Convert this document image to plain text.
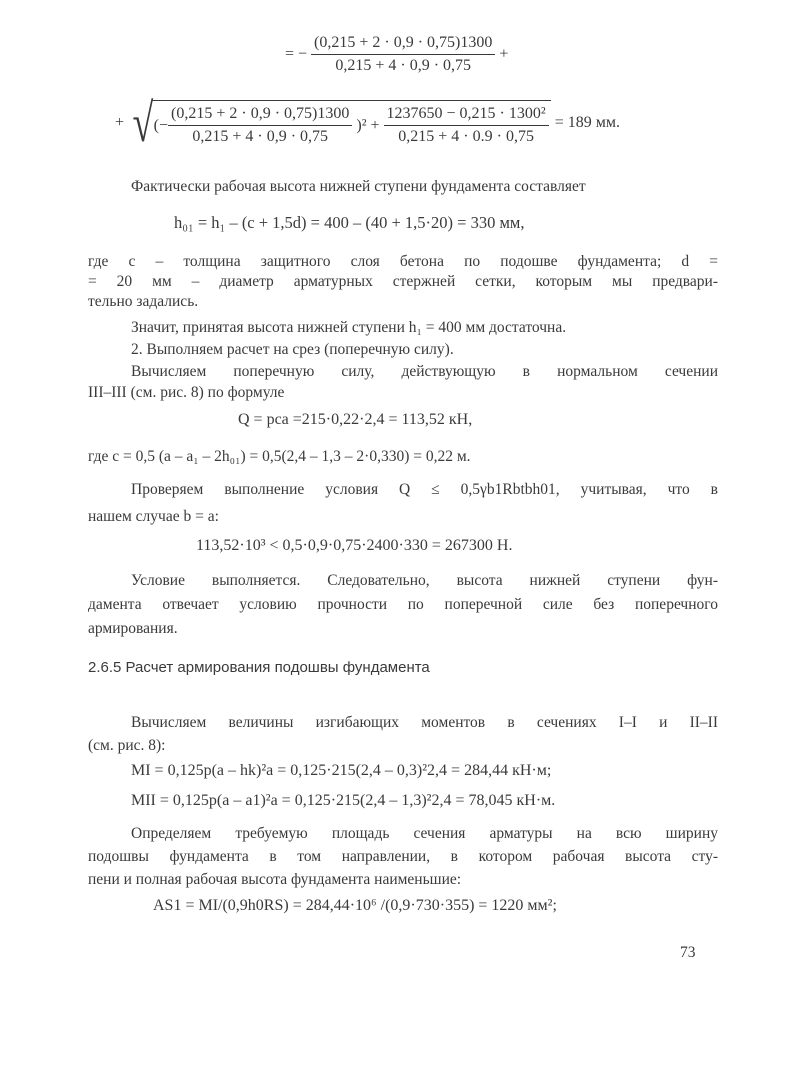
= − $\frac{(0,215 + 2 \cdot 0,9 \cdot 0,75)1300}{0,215 + 4 \cdot 0,9 \cdot 0,75}$ +
+ √ (− $\frac{(0,215 + 2 \cdot 0,9 \cdot 0,75)1300}{0,215 + 4 \cdot 0,9 \cdot 0,75} )^2 + \frac{\text{1237650 − 0,215 · 1300²}}{0,215 + 4 \cdot 0.9 \cdot 0,75} = 189$ мм.
Фактически рабочая высота нижней ступени фундамента составляет
h₀₁ = h₁ – (c + 1,5d) = 400 – (40 + 1,5·20) = 330 мм,
где c – толщина защитного слоя бетона по подошве фундамента; d =
= 20 мм – диаметр арматурных стержней сетки, которым мы предвари-
тельно задались.
Значит, принятая высота нижней ступени h₁ = 400 мм достаточна.
2. Выполняем расчет на срез (поперечную силу).
Вычисляем поперечную силу, действующую в нормальном сечении
III–III (см. рис. 8) по формуле
Q = pca =215·0,22·2,4 = 113,52 кН,
где c = 0,5 (a – a₁ – 2h₀₁) = 0,5(2,4 – 1,3 – 2·0,330) = 0,22 м.
Проверяем выполнение условия Q ≤ 0,5γb1Rbtbh01, учитывая, что в
нашем случае b = a:
113,52·10³ < 0,5·0,9·0,75·2400·330 = 267300 Н.
Условие выполняется. Следовательно, высота нижней ступени фун-
дамента отвечает условию прочности по поперечной силе без поперечного
армирования.
2.6.5 Расчет армирования подошвы фундамента
Вычисляем величины изгибающих моментов в сечениях I–I и II–II
(см. рис. 8):
MI = 0,125p(a – hk)²a = 0,125·215(2,4 – 0,3)²2,4 = 284,44 кН·м;
MII = 0,125p(a – a1)²a = 0,125·215(2,4 – 1,3)²2,4 = 78,045 кН·м.
Определяем требуемую площадь сечения арматуры на всю ширину
подошвы фундамента в том направлении, в котором рабочая высота сту-
пени и полная рабочая высота фундамента наименьшие:
AS1 = MI/(0,9h0RS) = 284,44·10⁶ /(0,9·730·355) = 1220 мм²;
73
